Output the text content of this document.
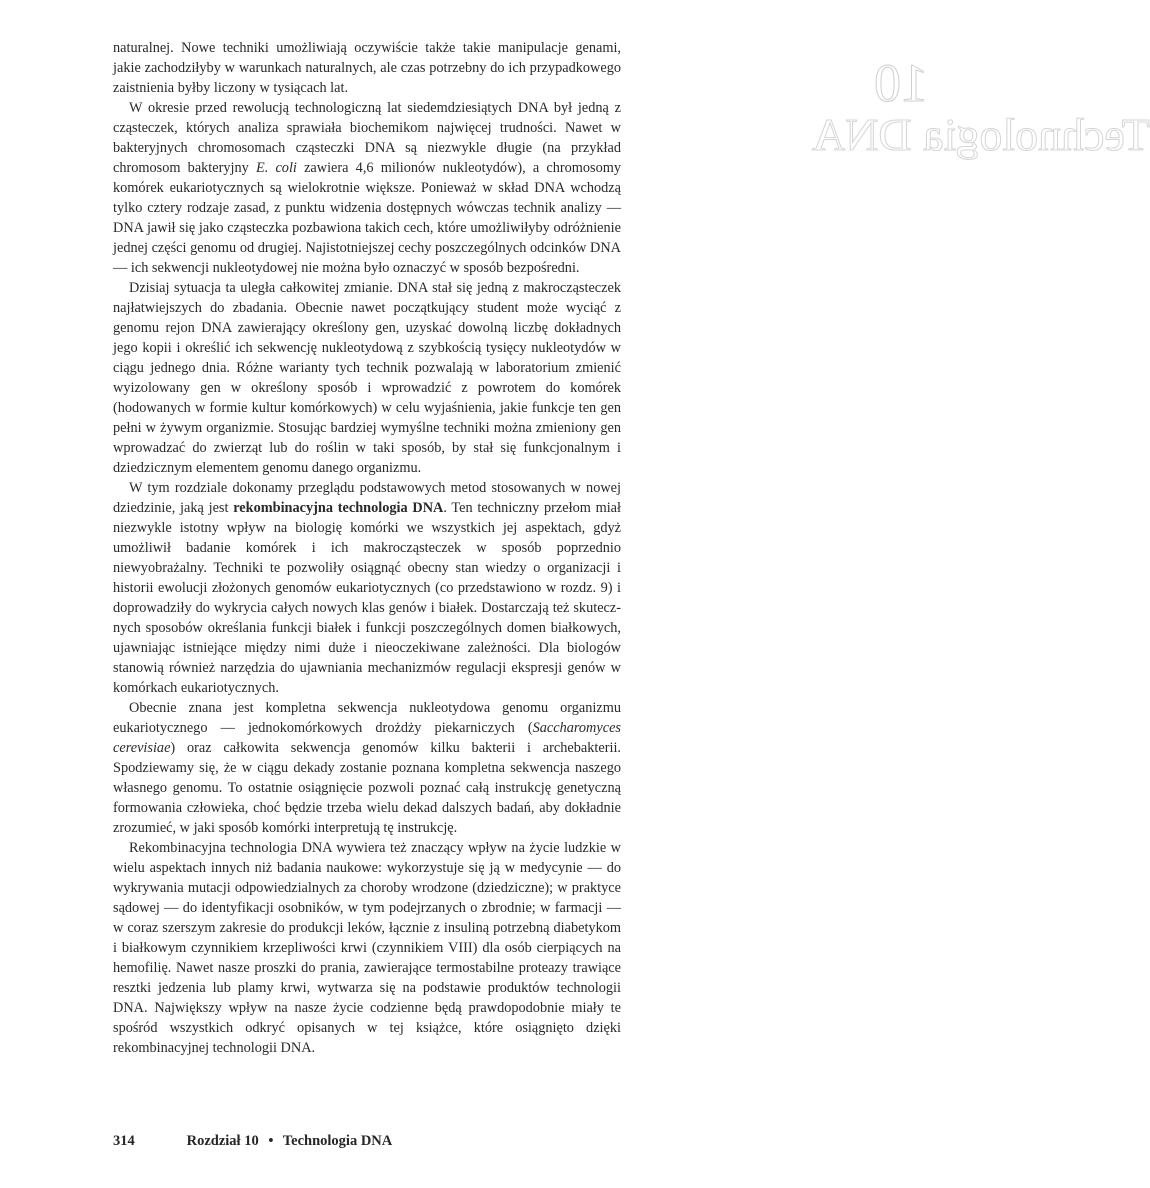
10
Technologia DNA

naturalnej. Nowe techniki umożliwiają oczywiście także takie manipulacje genami, jakie zachodziłyby w warunkach naturalnych, ale czas potrzebny do ich przypadkowego zaistnienia byłby liczony w tysiącach lat.

W okresie przed rewolucją technologiczną lat siedemdziesiątych DNA był jedną z cząsteczek, których analiza sprawiała biochemikom najwięcej trudności. Nawet w bakteryjnych chromosomach cząsteczki DNA są niezwykle długie (na przykład chromosom bakteryjny E. coli zawiera 4,6 milionów nukleotydów), a chromosomy komórek eukariotycznych są wielokrotnie większe. Ponieważ w skład DNA wchodzą tylko cztery rodzaje zasad, z punktu widzenia dostępnych wówczas technik analizy — DNA jawił się jako cząsteczka pozbawiona takich cech, które umożliwiłyby odróżnienie jednej części genomu od drugiej. Najistotniejszej cechy poszczególnych odcinków DNA — ich sekwencji nukleotydowej nie można było oznaczyć w sposób bezpośredni.

Dzisiaj sytuacja ta uległa całkowitej zmianie. DNA stał się jedną z makrocząsteczek najłatwiejszych do zbadania. Obecnie nawet początkujący student może wyciąć z genomu rejon DNA zawierający określony gen, uzyskać dowolną liczbę dokładnych jego kopii i określić ich sekwencję nukleotydową z szybkością tysięcy nukleotydów w ciągu jednego dnia. Różne warianty tych technik pozwalają w laboratorium zmienić wyizolowany gen w określony sposób i wprowadzić z powrotem do komórek (hodowanych w formie kultur komórkowych) w celu wyjaśnienia, jakie funkcje ten gen pełni w żywym organizmie. Stosując bardziej wymyślne techniki można zmieniony gen wprowadzać do zwierząt lub do roślin w taki sposób, by stał się funkcjonalnym i dziedzicznym elementem genomu danego organizmu.

W tym rozdziale dokonamy przeglądu podstawowych metod stosowanych w nowej dziedzinie, jaką jest rekombinacyjna technologia DNA. Ten techniczny przełom miał niezwykle istotny wpływ na biologię komórki we wszystkich jej aspektach, gdyż umożliwił badanie komórek i ich makrocząsteczek w sposób poprzednio niewyobrażalny. Techniki te pozwoliły osiągnąć obecny stan wiedzy o organizacji i historii ewolucji złożonych genomów eukariotycznych (co przedstawiono w rozdz. 9) i doprowadziły do wykrycia całych nowych klas genów i białek. Dostarczają też skutecznych sposobów określania funkcji białek i funkcji poszczególnych domen białkowych, ujawniając istniejące między nimi duże i nieoczekiwane zależności. Dla biologów stanowią również narzędzia do ujawniania mechanizmów regulacji ekspresji genów w komórkach eukariotycznych.

Obecnie znana jest kompletna sekwencja nukleotydowa genomu organizmu eukariotycznego — jednokomórkowych drożdży piekarniczych (Saccharomyces cerevisiae) oraz całkowita sekwencja genomów kilku bakterii i archebakterii. Spodziewamy się, że w ciągu dekady zostanie poznana kompletna sekwencja naszego własnego genomu. To ostatnie osiągnięcie pozwoli poznać całą instrukcję genetyczną formowania człowieka, choć będzie trzeba wielu dekad dalszych badań, aby dokładnie zrozumieć, w jaki sposób komórki interpretują tę instrukcję.

Rekombinacyjna technologia DNA wywiera też znaczący wpływ na życie ludzkie w wielu aspektach innych niż badania naukowe: wykorzystuje się ją w medycynie — do wykrywania mutacji odpowiedzialnych za choroby wrodzone (dziedziczne); w praktyce sądowej — do identyfikacji osobników, w tym podejrzanych o zbrodnie; w farmacji — w coraz szerszym zakresie do produkcji leków, łącznie z insuliną potrzebną diabetykom i białkowym czynnikiem krzepliwości krwi (czynnikiem VIII) dla osób cierpiących na hemofilię. Nawet nasze proszki do prania, zawierające termostabilne proteazy trawiące resztki jedzenia lub plamy krwi, wytwarza się na podstawie produktów technologii DNA. Największy wpływ na nasze życie codzienne będą prawdopodobnie miały te spośród wszystkich odkryć opisanych w tej książce, które osiągnięto dzięki rekombinacyjnej technologii DNA.

314	Rozdział 10 • Technologia DNA
